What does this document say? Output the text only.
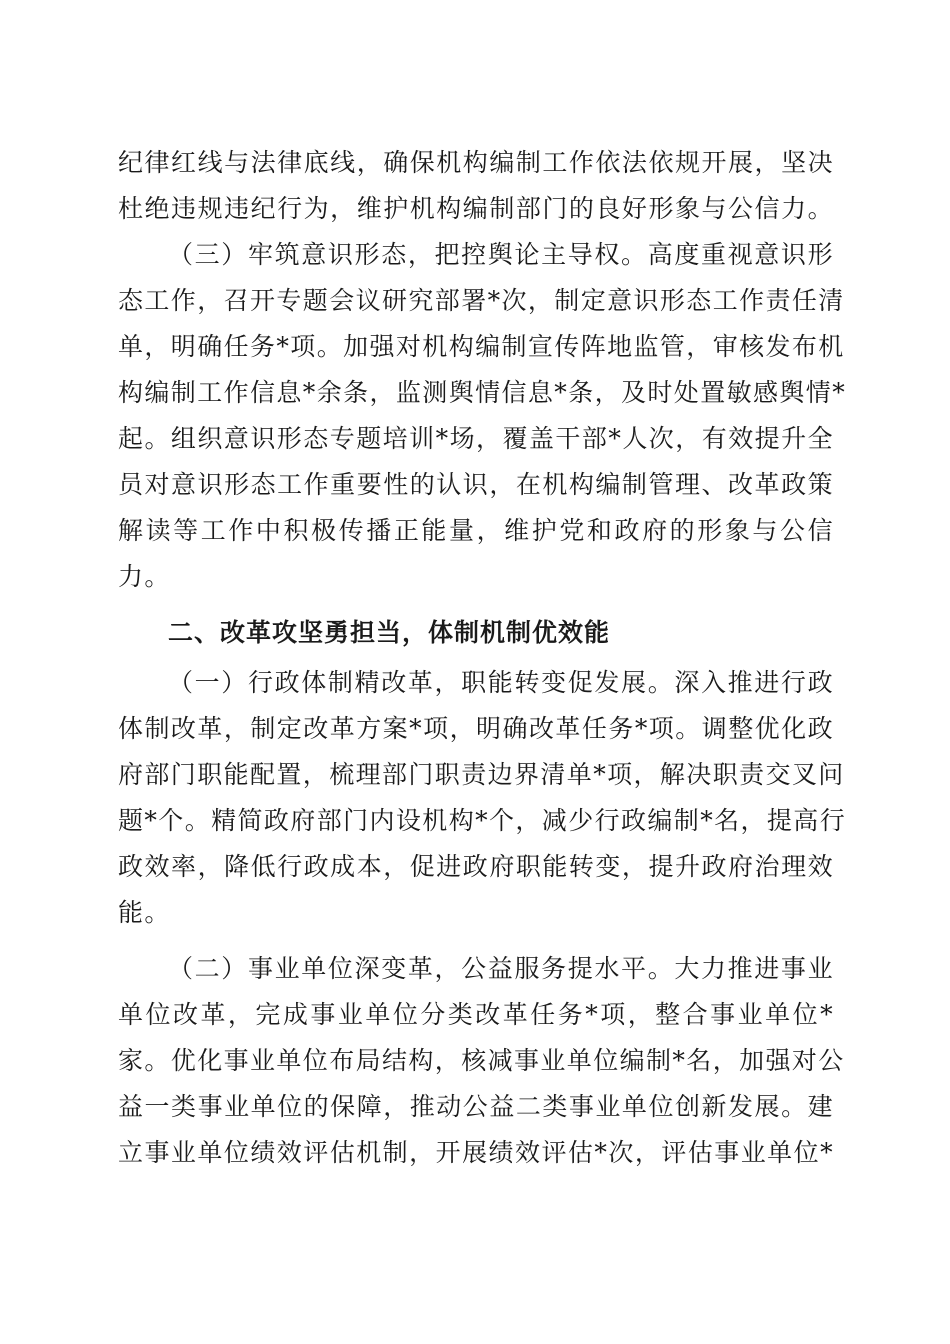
纪律红线与法律底线，确保机构编制工作依法依规开展，坚决
杜绝违规违纪行为，维护机构编制部门的良好形象与公信力。
（三）牢筑意识形态，把控舆论主导权。高度重视意识形
态工作，召开专题会议研究部署*次，制定意识形态工作责任清
单，明确任务*项。加强对机构编制宣传阵地监管，审核发布机
构编制工作信息*余条，监测舆情信息*条，及时处置敏感舆情*
起。组织意识形态专题培训*场，覆盖干部*人次，有效提升全
员对意识形态工作重要性的认识，在机构编制管理、改革政策
解读等工作中积极传播正能量，维护党和政府的形象与公信
力。
二、改革攻坚勇担当，体制机制优效能
（一）行政体制精改革，职能转变促发展。深入推进行政
体制改革，制定改革方案*项，明确改革任务*项。调整优化政
府部门职能配置，梳理部门职责边界清单*项，解决职责交叉问
题*个。精简政府部门内设机构*个，减少行政编制*名，提高行
政效率，降低行政成本，促进政府职能转变，提升政府治理效
能。
（二）事业单位深变革，公益服务提水平。大力推进事业
单位改革，完成事业单位分类改革任务*项，整合事业单位*
家。优化事业单位布局结构，核减事业单位编制*名，加强对公
益一类事业单位的保障，推动公益二类事业单位创新发展。建
立事业单位绩效评估机制，开展绩效评估*次，评估事业单位*
